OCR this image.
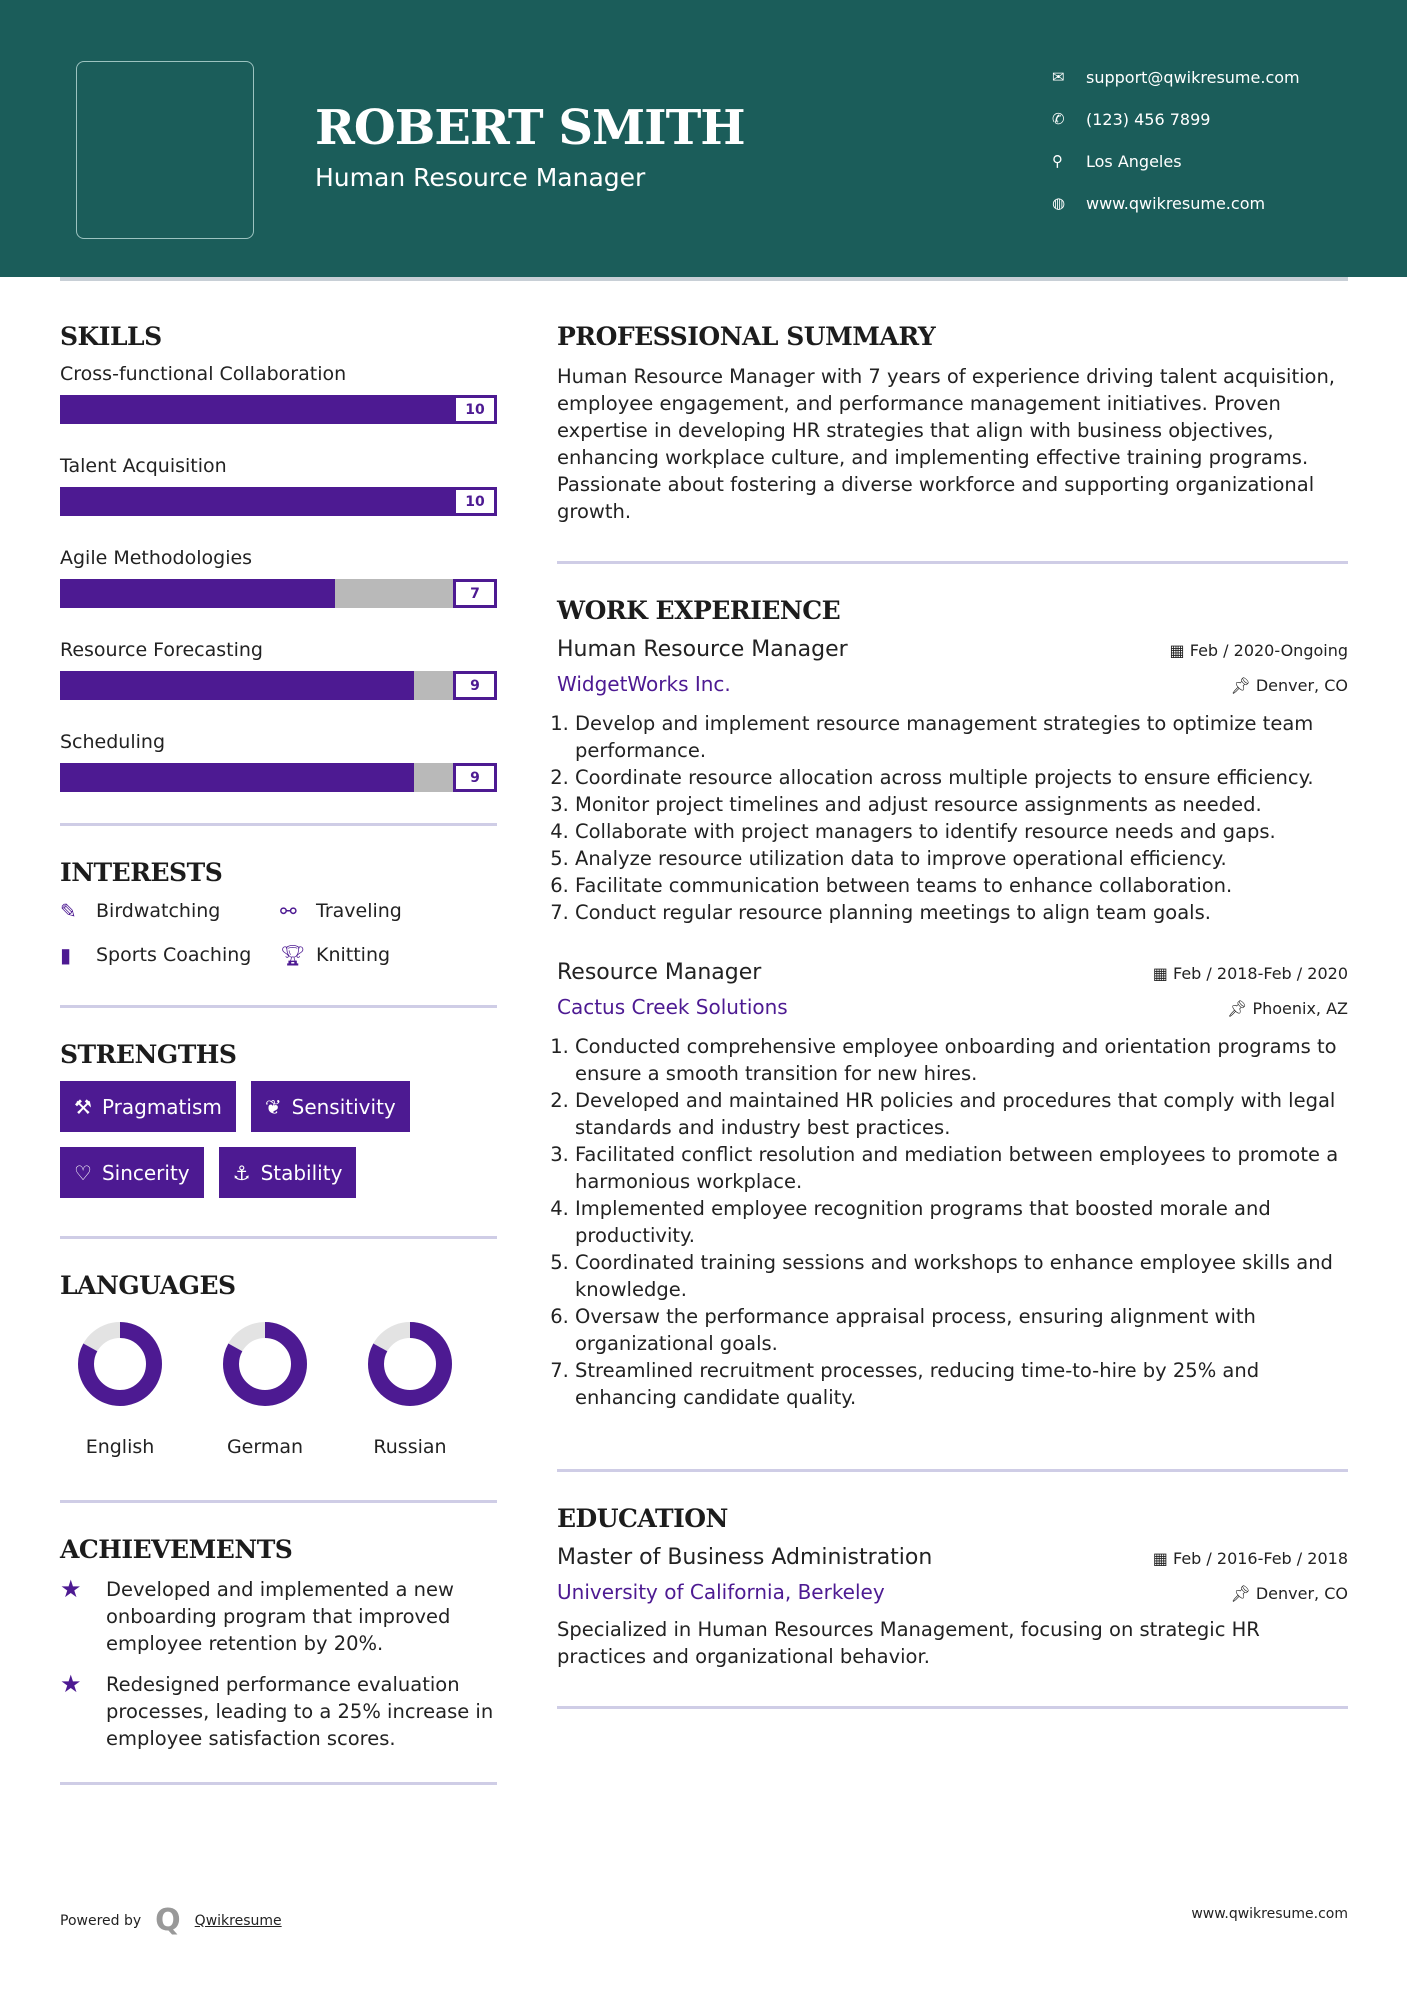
ROBERT SMITH
Human Resource Manager
✉	support@qwikresume.com
✆	(123) 456 7899
⚲	Los Angeles
◍	www.qwikresume.com
SKILLS
Cross-functional Collaboration
10
Talent Acquisition
10
Agile Methodologies
7
Resource Forecasting
9
Scheduling
9
INTERESTS
✎	Birdwatching	⚯	Traveling
▮	Sports Coaching 🏆︎ Knitting
STRENGTHS
⚒ Pragmatism ❦ Sensitivity
♡ Sincerity ⚓ Stability
LANGUAGES
English	German	Russian
ACHIEVEMENTS
★	Developed and implemented a new onboarding program that improved employee retention by 20%.
★	Redesigned performance evaluation processes, leading to a 25% increase in employee satisfaction scores.
PROFESSIONAL SUMMARY

Human Resource Manager with 7 years of experience driving talent acquisition, employee engagement, and performance management initiatives. Proven expertise in developing HR strategies that align with business objectives, enhancing workplace culture, and implementing effective training programs. Passionate about fostering a diverse workforce and supporting organizational growth.

WORK EXPERIENCE
Human Resource Manager	▦ Feb / 2020-Ongoing
WidgetWorks Inc.	📌︎ Denver, CO
1. Develop and implement resource management strategies to optimize team performance.
2. Coordinate resource allocation across multiple projects to ensure efficiency.
3. Monitor project timelines and adjust resource assignments as needed.
4. Collaborate with project managers to identify resource needs and gaps.
5. Analyze resource utilization data to improve operational efficiency.
6. Facilitate communication between teams to enhance collaboration.
7. Conduct regular resource planning meetings to align team goals.
Resource Manager	▦ Feb / 2018-Feb / 2020
Cactus Creek Solutions	📌︎ Phoenix, AZ
1. Conducted comprehensive employee onboarding and orientation programs to ensure a smooth transition for new hires.
2. Developed and maintained HR policies and procedures that comply with legal standards and industry best practices.
3. Facilitated conflict resolution and mediation between employees to promote a harmonious workplace.
4. Implemented employee recognition programs that boosted morale and productivity.
5. Coordinated training sessions and workshops to enhance employee skills and knowledge.
6. Oversaw the performance appraisal process, ensuring alignment with organizational goals.
7. Streamlined recruitment processes, reducing time-to-hire by 25% and enhancing candidate quality.
EDUCATION
Master of Business Administration	▦ Feb / 2016-Feb / 2018
University of California, Berkeley	📌︎ Denver, CO

Specialized in Human Resources Management, focusing on strategic HR practices and organizational behavior.

Powered by Q Qwikresume	www.qwikresume.com
